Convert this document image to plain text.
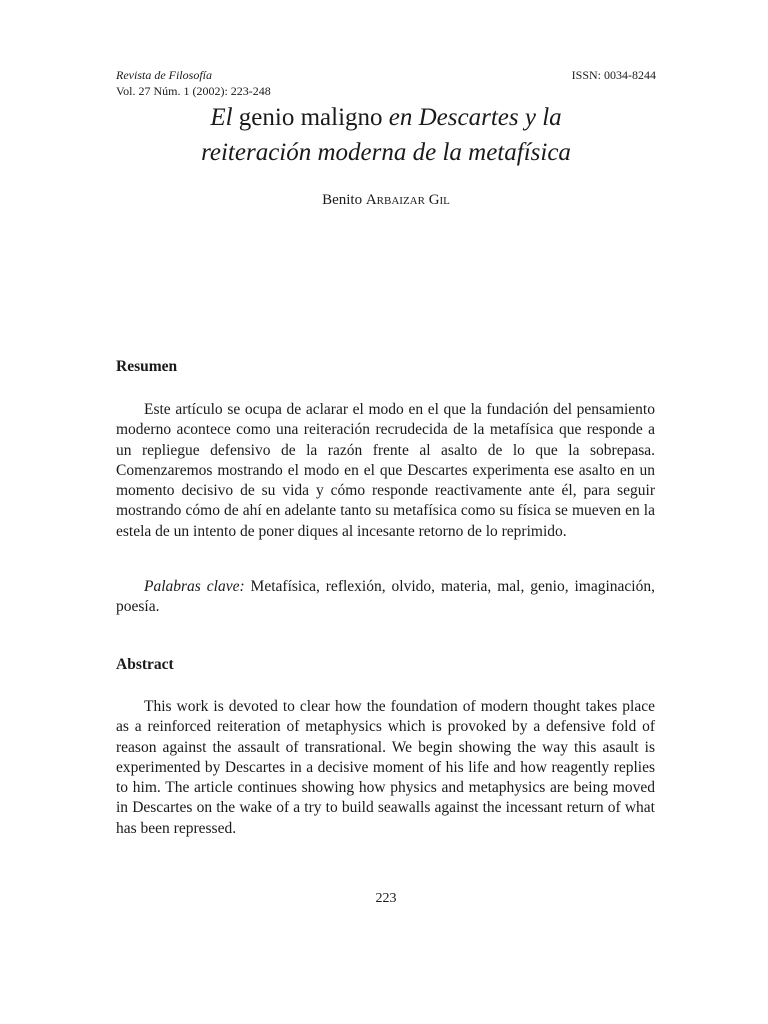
Revista de Filosofía
Vol. 27 Núm. 1 (2002): 223-248
ISSN: 0034-8244
El genio maligno en Descartes y la
reiteración moderna de la metafísica
Benito Arbaizar Gil
Resumen
Este artículo se ocupa de aclarar el modo en el que la fundación del pensamiento moderno acontece como una reiteración recrudecida de la metafísica que responde a un repliegue defensivo de la razón frente al asalto de lo que la sobrepasa. Comenzaremos mostrando el modo en el que Descartes experimenta ese asalto en un momento decisivo de su vida y cómo responde reactivamente ante él, para seguir mostrando cómo de ahí en adelante tanto su metafísica como su física se mueven en la estela de un intento de poner diques al incesante retorno de lo reprimido.
Palabras clave: Metafísica, reflexión, olvido, materia, mal, genio, imaginación, poesía.
Abstract
This work is devoted to clear how the foundation of modern thought takes place as a reinforced reiteration of metaphysics which is provoked by a defensive fold of reason against the assault of transrational. We begin showing the way this asault is experimented by Descartes in a decisive moment of his life and how reagently replies to him. The article continues showing how physics and metaphysics are being moved in Descartes on the wake of a try to build seawalls against the incessant return of what has been repressed.
223
